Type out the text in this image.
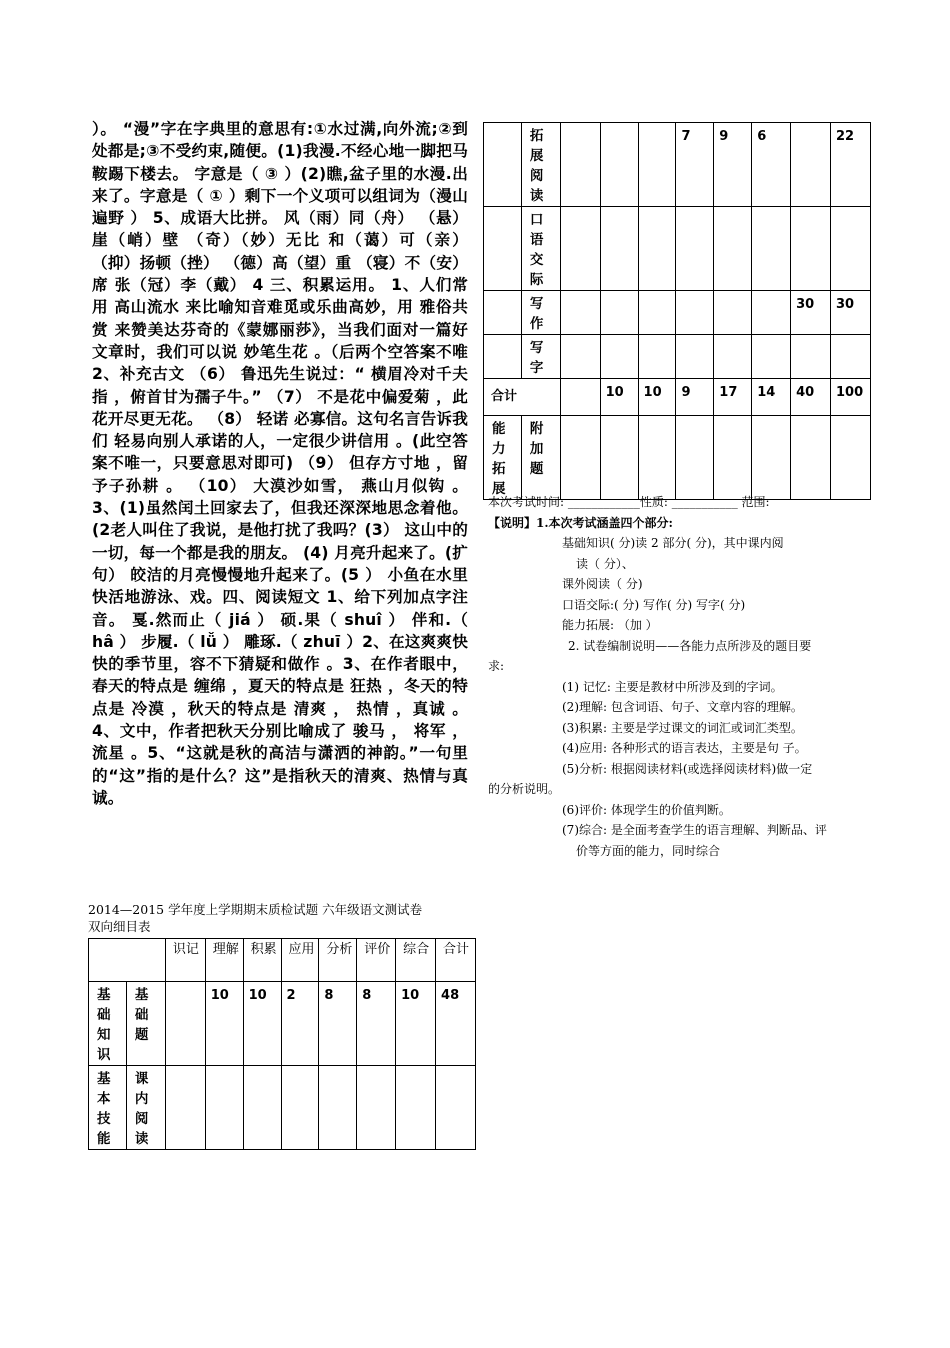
）。 “漫”字在字典里的意思有:①水过满,向外流;②到处都是;③不受约束,随便。(1)我漫.不经心地一脚把马鞍踢下楼去。 字意是（ ③ ）(2)瞧,盆子里的水漫.出来了。字意是（ ① ）剩下一个义项可以组词为（漫山遍野 ） 5、成语大比拼。 风（雨）同（舟） （悬）崖（峭）壁 （奇）（妙）无比 和（蔼）可（亲） （抑）扬顿（挫） （德）高（望）重 （寝）不（安）席 张（冠）李（戴） 4 三、积累运用。 1、人们常用 高山流水 来比喻知音难觅或乐曲高妙，用 雅俗共赏 来赞美达芬奇的《蒙娜丽莎》，当我们面对一篇好文章时，我们可以说 妙笔生花 。（后两个空答案不唯2、补充古文 （6） 鲁迅先生说过：“ 横眉冷对千夫指 ，俯首甘为孺子牛。” （7） 不是花中偏爱菊 ，此花开尽更无花。 （8） 轻诺 必寡信。这句名言告诉我们 轻易向别人承诺的人，一定很少讲信用 。(此空答案不唯一，只要意思对即可) （9） 但存方寸地 ，留予子孙耕 。 （10） 大漠沙如雪， 燕山月似钩 。3、(1)虽然闰土回家去了，但我还深深地思念着他。(2老人叫住了我说，是他打扰了我吗？(3） 这山中的一切，每一个都是我的朋友。 (4) 月亮升起来了。(扩句） 皎洁的月亮慢慢地升起来了。(5 ） 小鱼在水里快活地游泳、戏。四、阅读短文 1、给下列加点字注音。 戛.然而止（ jiá ） 硕.果（ shuî ） 伴和.（ hâ ） 步履.（ lǚ ） 雕琢.（ zhuī ）2、在这爽爽快快的季节里，容不下猜疑和做作 。3、在作者眼中，春天的特点是 缠绵 ，夏天的特点是 狂热 ，冬天的特点是 冷漠 ，秋天的特点是 清爽 ， 热情 ，真诚 。4、文中，作者把秋天分别比喻成了 骏马 ， 将军 ， 流星 。5、“这就是秋的高洁与潇洒的神韵。”一句里的“这”指的是什么？这”是指秋天的清爽、热情与真诚。

2014—2015 学年度上学期期末质检试题 六年级语文测试卷
双向细目表
		识记	理解	积累	应用	分析	评价	综合	合计
基础知识	基础题		10	10	2	8	8	10	48
基本技能	课内阅读								
	拓展阅读				7	9	6		22
	口语交际								
	写作							30	30
	写字								
合计			10	10	9	17	14	40	100
能力拓展	附加题								
本次考试时间: ____________性质: ___________ 范围:
【说明】1.本次考试涵盖四个部分:
基础知识( 分)读 2 部分( 分)，其中课内阅
读（ 分）、
课外阅读（ 分)
口语交际:( 分) 写作( 分) 写字( 分)
能力拓展: （加 ）
2. 试卷编制说明——各能力点所涉及的题目要
求:
(1) 记忆: 主要是教材中所涉及到的字词。
(2)理解: 包含词语、句子、文章内容的理解。
(3)积累: 主要是学过课文的词汇或词汇类型。
(4)应用: 各种形式的语言表达，主要是句 子。
(5)分析: 根据阅读材料(或选择阅读材料)做一定
的分析说明。
(6)评价: 体现学生的价值判断。
(7)综合: 是全面考查学生的语言理解、判断品、评
价等方面的能力，同时综合
